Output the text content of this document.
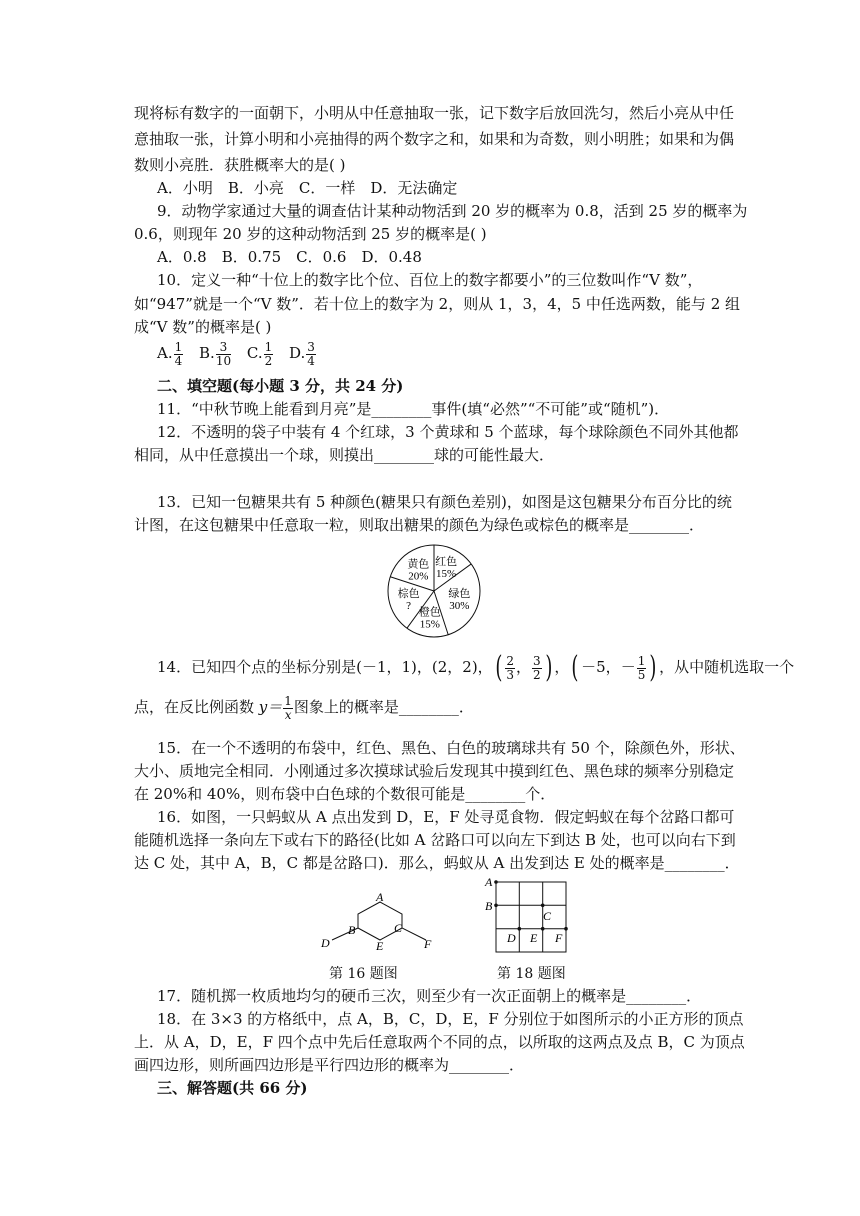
现将标有数字的一面朝下，小明从中任意抽取一张，记下数字后放回洗匀，然后小亮从中任
意抽取一张，计算小明和小亮抽得的两个数字之和，如果和为奇数，则小明胜；如果和为偶
数则小亮胜．获胜概率大的是( )
A．小明　B．小亮　C．一样　D．无法确定
9．动物学家通过大量的调查估计某种动物活到 20 岁的概率为 0.8，活到 25 岁的概率为
0.6，则现年 20 岁的这种动物活到 25 岁的概率是( )
A．0.8　B．0.75　C．0.6　D．0.48
10．定义一种“十位上的数字比个位、百位上的数字都要小”的三位数叫作“V 数”，
如“947”就是一个“V 数”．若十位上的数字为 2，则从 1，3，4，5 中任选两数，能与 2 组
成“V 数”的概率是( )
A. $\frac{1}{4} B$. $\frac{3}{10} C$. $\frac{1}{2} D$. $\frac{3}{4}$
二、填空题(每小题 3 分，共 24 分)
11．“中秋节晚上能看到月亮”是________事件(填“必然”“不可能”或“随机”)．
12．不透明的袋子中装有 4 个红球，3 个黄球和 5 个蓝球，每个球除颜色不同外其他都
相同，从中任意摸出一个球，则摸出________球的可能性最大．
13．已知一包糖果共有 5 种颜色(糖果只有颜色差别)，如图是这包糖果分布百分比的统
计图，在这包糖果中任意取一粒，则取出糖果的颜色为绿色或棕色的概率是________．
红色
15%
绿色
30%
橙色
15%
棕色
?
黄色
20%
14．已知四个点的坐标分别是(－1，1)，(2，2)，( $\frac{2}{3}$ ， $\frac{3}{2}$ ) ，( －5，－ $\frac{1}{5}$ ) ，从中随机选取一个
点，在反比例函数 $y= \frac{1}{x}$图象上的概率是________．
15．在一个不透明的布袋中，红色、黑色、白色的玻璃球共有 50 个，除颜色外，形状、
大小、质地完全相同．小刚通过多次摸球试验后发现其中摸到红色、黑色球的频率分别稳定
在 20%和 40%，则布袋中白色球的个数很可能是________个．
16．如图，一只蚂蚁从 A 点出发到 D，E，F 处寻觅食物．假定蚂蚁在每个岔路口都可
能随机选择一条向左下或右下的路径(比如 A 岔路口可以向左下到达 B 处，也可以向右下到
达 C 处，其中 A，B，C 都是岔路口)．那么，蚂蚁从 A 出发到达 E 处的概率是________．
A
B	C
D	E	F
A
B
C
D E F
第 16 题图	第 18 题图
17．随机掷一枚质地均匀的硬币三次，则至少有一次正面朝上的概率是________．
18．在 3×3 的方格纸中，点 A，B，C，D，E，F 分别位于如图所示的小正方形的顶点
上．从 A，D，E，F 四个点中先后任意取两个不同的点，以所取的这两点及点 B，C 为顶点
画四边形，则所画四边形是平行四边形的概率为________．
三、解答题(共 66 分)
